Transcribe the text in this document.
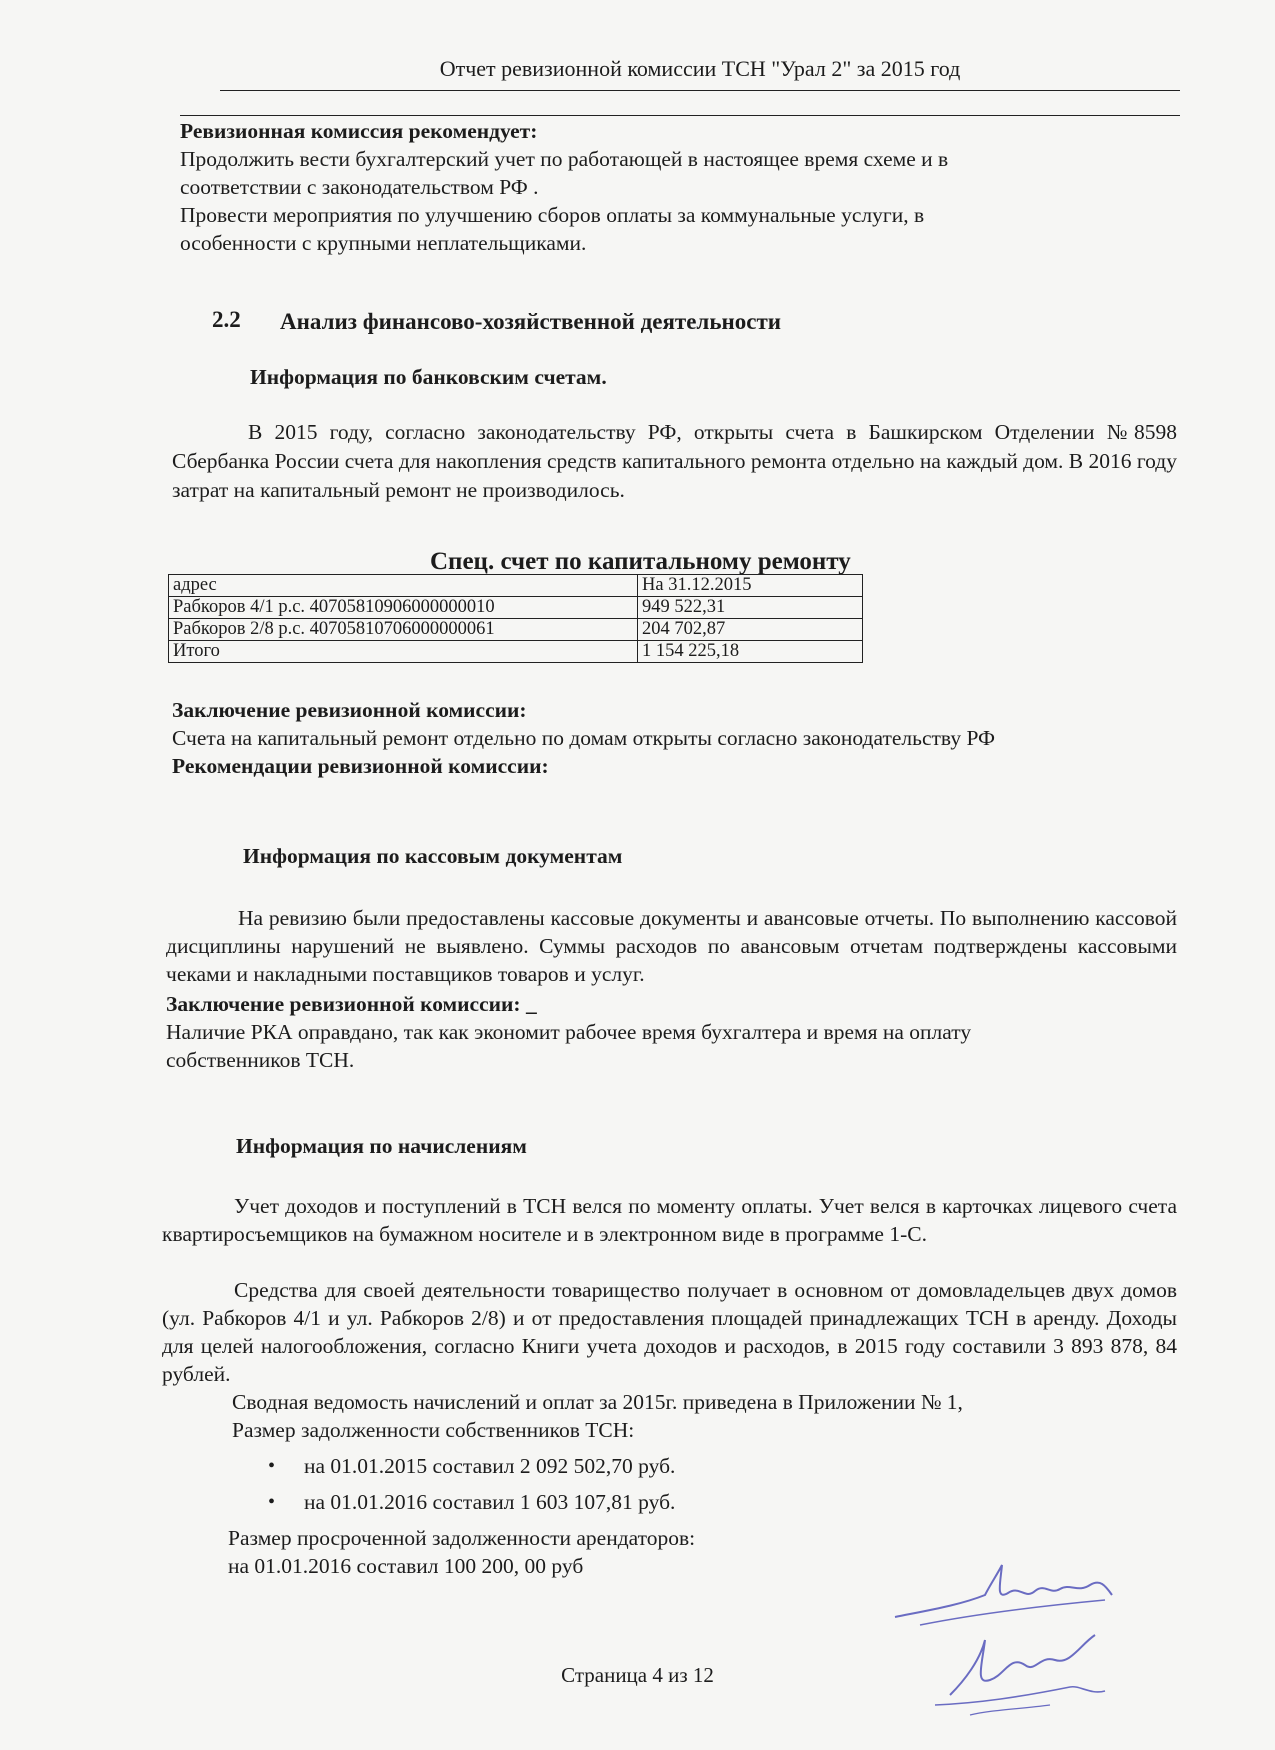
Отчет ревизионной комиссии ТСН "Урал 2" за 2015 год
Ревизионная комиссия рекомендует:
Продолжить вести бухгалтерский учет по работающей в настоящее время схеме и в
соответствии с законодательством РФ .
Провести мероприятия по улучшению сборов оплаты за коммунальные услуги, в
особенности с крупными неплательщиками.
2.2 Анализ финансово-хозяйственной деятельности
Информация по банковским счетам.
В 2015 году, согласно законодательству РФ, открыты счета в Башкирском Отделении №8598 Сбербанка России счета для накопления средств капитального ремонта отдельно на каждый дом. В 2016 году затрат на капитальный ремонт не производилось.
Спец. счет по капитальному ремонту
адрес	На 31.12.2015
Рабкоров 4/1 р.с. 40705810906000000010	949 522,31
Рабкоров 2/8 р.с. 40705810706000000061	204 702,87
Итого	1 154 225,18
Заключение ревизионной комиссии:
Счета на капитальный ремонт отдельно по домам открыты согласно законодательству РФ
Рекомендации ревизионной комиссии:
Информация по кассовым документам
На ревизию были предоставлены кассовые документы и авансовые отчеты. По выполнению кассовой дисциплины нарушений не выявлено. Суммы расходов по авансовым отчетам подтверждены кассовыми чеками и накладными поставщиков товаров и услуг.
Заключение ревизионной комиссии: _
Наличие РКА оправдано, так как экономит рабочее время бухгалтера и время на оплату
собственников ТСН.
Информация по начислениям
Учет доходов и поступлений в ТСН велся по моменту оплаты. Учет велся в карточках лицевого счета квартиросъемщиков на бумажном носителе и в электронном виде в программе 1-С.
Средства для своей деятельности товарищество получает в основном от домовладельцев двух домов (ул. Рабкоров 4/1 и ул. Рабкоров 2/8) и от предоставления площадей принадлежащих ТСН в аренду. Доходы для целей налогообложения, согласно Книги учета доходов и расходов, в 2015 году составили 3 893 878, 84 рублей.
Сводная ведомость начислений и оплат за 2015г. приведена в Приложении № 1,
Размер задолженности собственников ТСН:
• на 01.01.2015 составил 2 092 502,70 руб.
• на 01.01.2016 составил 1 603 107,81 руб.
Размер просроченной задолженности арендаторов:
на 01.01.2016 составил 100 200, 00 руб
Страница 4 из 12
